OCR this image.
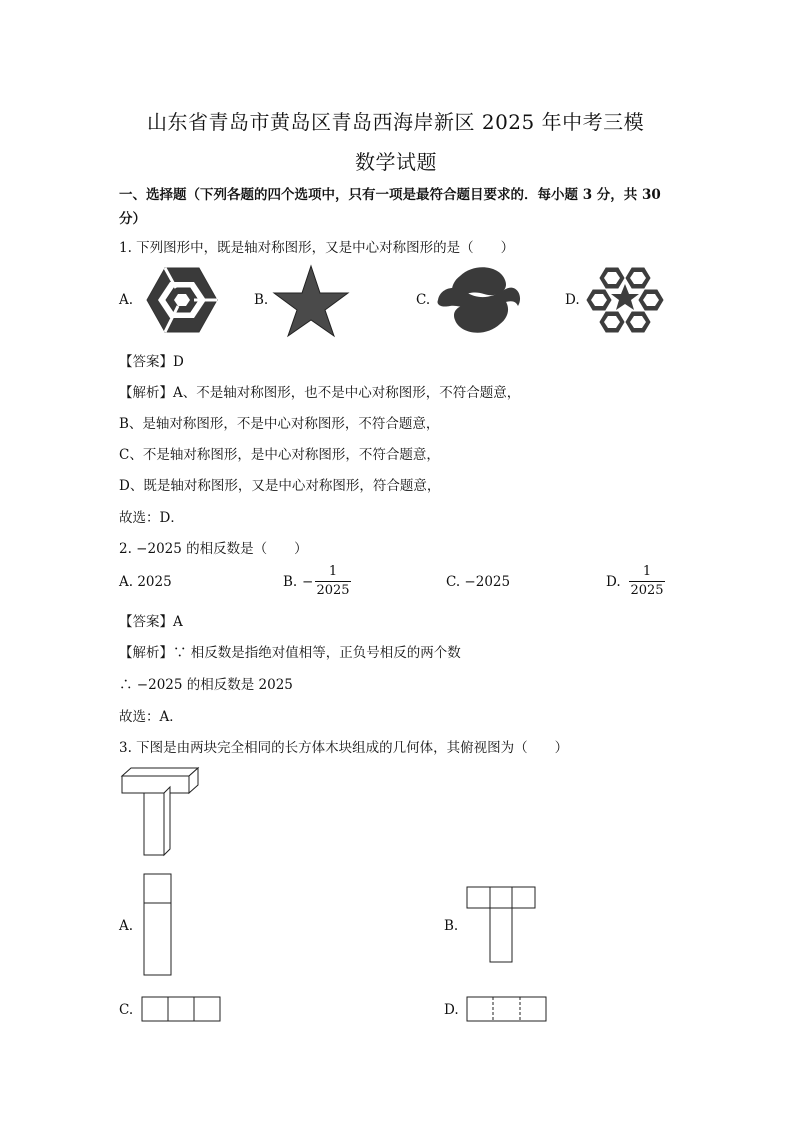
山东省青岛市黄岛区青岛西海岸新区 2025 年中考三模
数学试题
一、选择题（下列各题的四个选项中，只有一项是最符合题目要求的．每小题 3 分，共 30
分）
1. 下列图形中，既是轴对称图形，又是中心对称图形的是（　　）
A.	B.	C.	D.
【答案】D
【解析】A、不是轴对称图形，也不是中心对称图形，不符合题意，
B、是轴对称图形，不是中心对称图形，不符合题意，
C、不是轴对称图形，是中心对称图形，不符合题意，
D、既是轴对称图形，又是中心对称图形，符合题意，
故选：D．
2. −2025 的相反数是（　　）
A. 2025	B. −
1
2025
C. −2025	D.
1
2025
【答案】A
【解析】∵ 相反数是指绝对值相等，正负号相反的两个数
∴ −2025 的相反数是 2025
故选：A．
3. 下图是由两块完全相同的长方体木块组成的几何体，其俯视图为（　　）
A.	B.
C.	D.
